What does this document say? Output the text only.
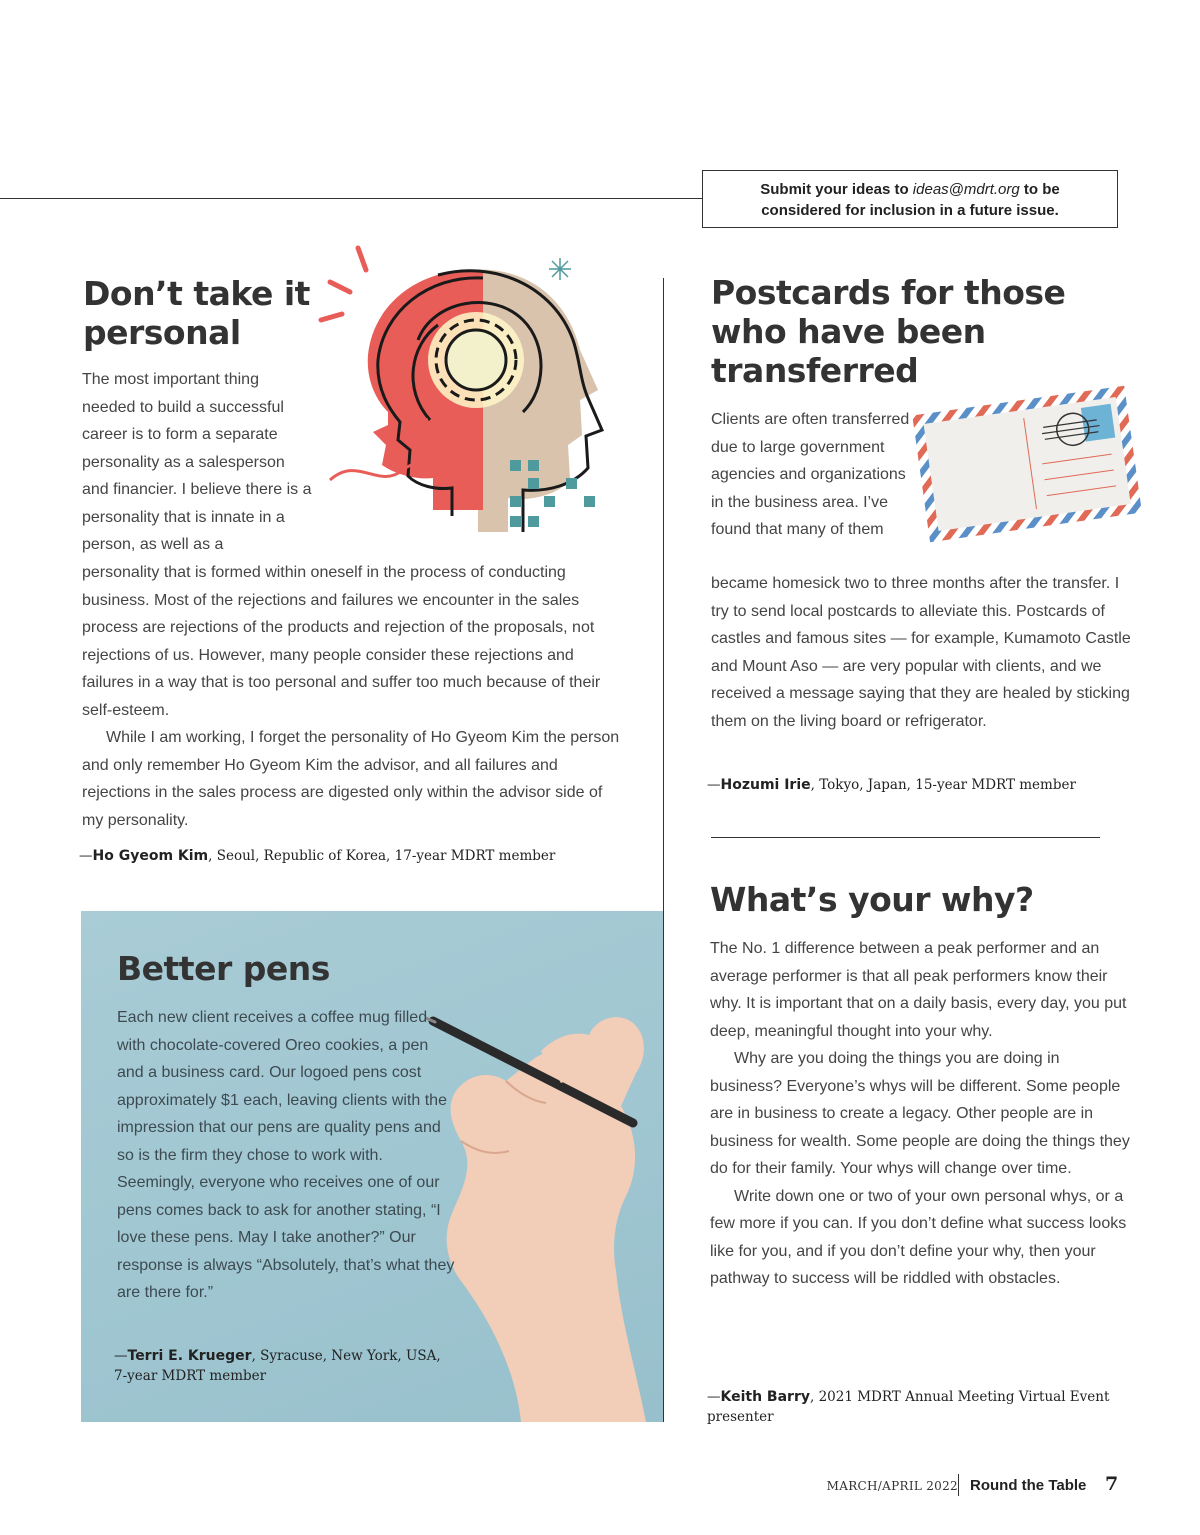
Submit your ideas to ideas@mdrt.org to be
considered for inclusion in a future issue.
Don’t take it personal

The most important thing needed to build a successful career is to form a separate personality as a salesperson and financier. I believe there is a personality that is innate in a person, as well as a

personality that is formed within oneself in the process of conducting business. Most of the rejections and failures we encounter in the sales process are rejections of the products and rejection of the proposals, not rejections of us. However, many people consider these rejections and failures in a way that is too personal and suffer too much because of their self-esteem.

While I am working, I forget the personality of Ho Gyeom Kim the person and only remember Ho Gyeom Kim the advisor, and all failures and rejections in the sales process are digested only within the advisor side of my personality.

—Ho Gyeom Kim, Seoul, Republic of Korea, 17-year MDRT member
Postcards for those who have been transferred

Clients are often transferred due to large government agencies and organizations in the business area. I’ve found that many of them

became homesick two to three months after the transfer. I try to send local postcards to alleviate this. Postcards of castles and famous sites — for example, Kumamoto Castle and Mount Aso — are very popular with clients, and we received a message saying that they are healed by sticking them on the living board or refrigerator.

—Hozumi Irie, Tokyo, Japan, 15-year MDRT member
What’s your why?

The No. 1 difference between a peak performer and an average performer is that all peak performers know their why. It is important that on a daily basis, every day, you put deep, meaningful thought into your why.

Why are you doing the things you are doing in business? Everyone’s whys will be different. Some people are in business to create a legacy. Other people are in business for wealth. Some people are doing the things they do for their family. Your whys will change over time.

Write down one or two of your own personal whys, or a few more if you can. If you don’t define what success looks like for you, and if you don’t define your why, then your pathway to success will be riddled with obstacles.

—Keith Barry, 2021 MDRT Annual Meeting Virtual Event presenter
Better pens

Each new client receives a coffee mug filled with chocolate-covered Oreo cookies, a pen and a business card. Our logoed pens cost approximately $1 each, leaving clients with the impression that our pens are quality pens and so is the firm they chose to work with. Seemingly, everyone who receives one of our pens comes back to ask for another stating, “I love these pens. May I take another?” Our response is always “Absolutely, that’s what they are there for.”

—Terri E. Krueger, Syracuse, New York, USA, 7-year MDRT member
MARCH/APRIL 2022 Round the Table 7
